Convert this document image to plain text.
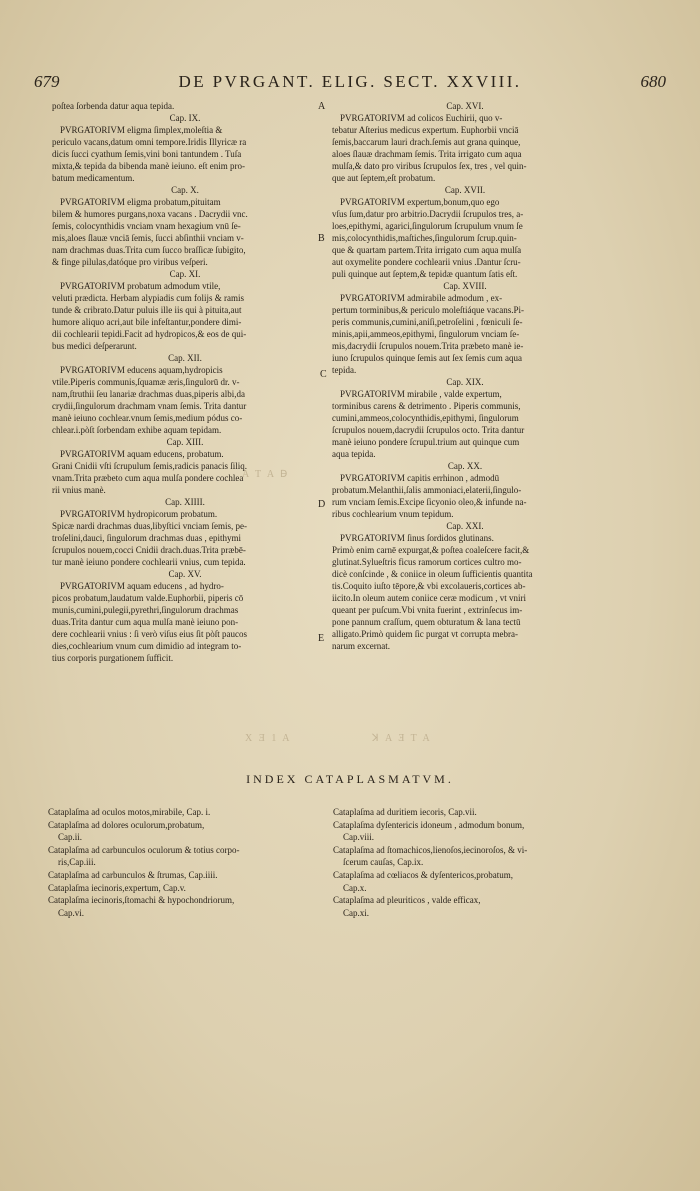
679	DE PVRGANT. ELIG. SECT. XXVIII.	680
A
B
C
D
E
X Ǝ 1 A	ꓘ A Ǝ T A
A T A Ꟈ

poſtea ſorbenda datur aqua tepida.

Cap. IX.
PVRGATORIVM eligma ſimplex,moleſtia &
periculo vacans,datum omni tempore.Iridis Illyricæ ra
dicis ſucci cyathum ſemis,vini boni tantundem . Tuſa
mixta,& tepida da bibenda manè ieiuno. eſt enim pro-
batum medicamentum.
Cap. X.
PVRGATORIVM eligma probatum,pituitam
bilem & humores purgans,noxa vacans . Dacrydii vnc.
ſemis, colocynthidis vnciam vnam hexagium vnū ſe-
mis,aloes ſlauæ vnciā ſemis, ſucci abſinthii vnciam v-
nam drachmas duas.Trita cum ſucco braſſicæ ſubigito,
& finge pilulas,datóque pro viribus veſperi.
Cap. XI.
PVRGATORIVM probatum admodum vtile,
veluti prædicta. Herbam alypiadis cum folijs & ramis
tunde & cribrato.Datur puluis ille iis qui à pituita,aut
humore aliquo acri,aut bile infeſtantur,pondere dimi-
dii cochlearii tepidi.Facit ad hydropicos,& eos de qui-
bus medici deſperarunt.
Cap. XII.
PVRGATORIVM educens aquam,hydropicis
vtile.Piperis communis,ſquamæ æris,ſingulorū dr. v-
nam,ſtruthii ſeu lanariæ drachmas duas,piperis albi,da
crydii,ſingulorum drachmam vnam ſemis. Trita dantur
manè ieiuno cochlear.vnum ſemis,medium pódus co-
chlear.i.pòſt ſorbendam exhibe aquam tepidam.
Cap. XIII.
PVRGATORIVM aquam educens, probatum.
Grani Cnidii vſti ſcrupulum ſemis,radicis panacis ſiliq.
vnam.Trita præbeto cum aqua mulſa pondere cochlea
rii vnius manè.
Cap. XIIII.
PVRGATORIVM hydropicorum probatum.
Spicæ nardi drachmas duas,libyſtici vnciam ſemis, pe-
troſelini,dauci, ſingulorum drachmas duas , epithymi
ſcrupulos nouem,cocci Cnidii drach.duas.Trita præbē-
tur manè ieiuno pondere cochlearii vnius, cum tepida.
Cap. XV.
PVRGATORIVM aquam educens , ad hydro-
picos probatum,laudatum valde.Euphorbii, piperis cō
munis,cumini,pulegii,pyrethri,ſingulorum drachmas
duas.Trita dantur cum aqua mulſa manè ieiuno pon-
dere cochlearii vnius : ſi verò viſus eius ſit pòſt paucos
dies,cochlearium vnum cum dimidio ad integram to-
tius corporis purgationem ſufficit.
Cap. XVI.
PVRGATORIVM ad colicos Euchirii, quo v-
tebatur Aſterius medicus expertum. Euphorbii vnciā
ſemis,baccarum lauri drach.ſemis aut grana quinque,
aloes ſlauæ drachmam ſemis. Trita irrigato cum aqua
mulſa,& dato pro viribus ſcrupulos ſex, tres , vel quin-
que aut ſeptem,eſt probatum.
Cap. XVII.
PVRGATORIVM expertum,bonum,quo ego
vſus ſum,datur pro arbitrio.Dacrydii ſcrupulos tres, a-
loes,epithymi, agarici,ſingulorum ſcrupulum vnum ſe
mis,colocynthidis,maſtiches,ſingulorum ſcrup.quin-
que & quartam partem.Trita irrigato cum aqua mulſa
aut oxymelite pondere cochlearii vnius .Dantur ſcru-
puli quinque aut ſeptem,& tepidæ quantum ſatis eſt.
Cap. XVIII.
PVRGATORIVM admirabile admodum , ex-
pertum torminibus,& periculo moleſtiáque vacans.Pi-
peris communis,cumini,aniſi,petroſelini , fœniculi ſe-
minis,apii,ammeos,epithymi, ſingulorum vnciam ſe-
mis,dacrydii ſcrupulos nouem.Trita præbeto manè ie-
iuno ſcrupulos quinque ſemis aut ſex ſemis cum aqua
tepida.
Cap. XIX.
PVRGATORIVM mirabile , valde expertum,
torminibus carens & detrimento . Piperis communis,
cumini,ammeos,colocynthidis,epithymi, ſingulorum
ſcrupulos nouem,dacrydii ſcrupulos octo. Trita dantur
manè ieiuno pondere ſcrupul.trium aut quinque cum
aqua tepida.
Cap. XX.
PVRGATORIVM capitis errhinon , admodū
probatum.Melanthii,ſalis ammoniaci,elaterii,ſingulo-
rum vnciam ſemis.Excipe ſicyonio oleo,& infunde na-
ribus cochlearium vnum tepidum.
Cap. XXI.
PVRGATORIVM ſinus ſordidos glutinans.
Primò enim carnē expurgat,& poſtea coaleſcere facit,&
glutinat.Sylueſtris ficus ramorum cortices cultro mo-
dicè conſcinde , & coniice in oleum ſufficientis quantita
tis.Coquito iuſto tēpore,& vbi excolaueris,cortices ab-
iicito.In oleum autem coniice ceræ modicum , vt vniri
queant per puſcum.Vbi vnita fuerint , extrinſecus im-
pone pannum craſſum, quem obturatum & lana tectū
alligato.Primò quidem ſic purgat vt corrupta mebra-
narum excernat.
INDEX CATAPLASMATVM.
Cataplaſma ad oculos motos,mirabile, Cap. i.
Cataplaſma ad dolores oculorum,probatum,
Cap.ii.
Cataplaſma ad carbunculos oculorum & totius corpo-
ris,Cap.iii.
Cataplaſma ad carbunculos & ſtrumas, Cap.iiii.
Cataplaſma iecinoris,expertum, Cap.v.
Cataplaſma iecinoris,ſtomachi & hypochondriorum,
Cap.vi.
Cataplaſma ad duritiem iecoris, Cap.vii.
Cataplaſma dyſentericis idoneum , admodum bonum,
Cap.viii.
Cataplaſma ad ſtomachicos,lienoſos,iecinoroſos, & vi-
ſcerum cauſas, Cap.ix.
Cataplaſma ad cœliacos & dyſentericos,probatum,
Cap.x.
Cataplaſma ad pleuriticos , valde efficax,
Cap.xi.
